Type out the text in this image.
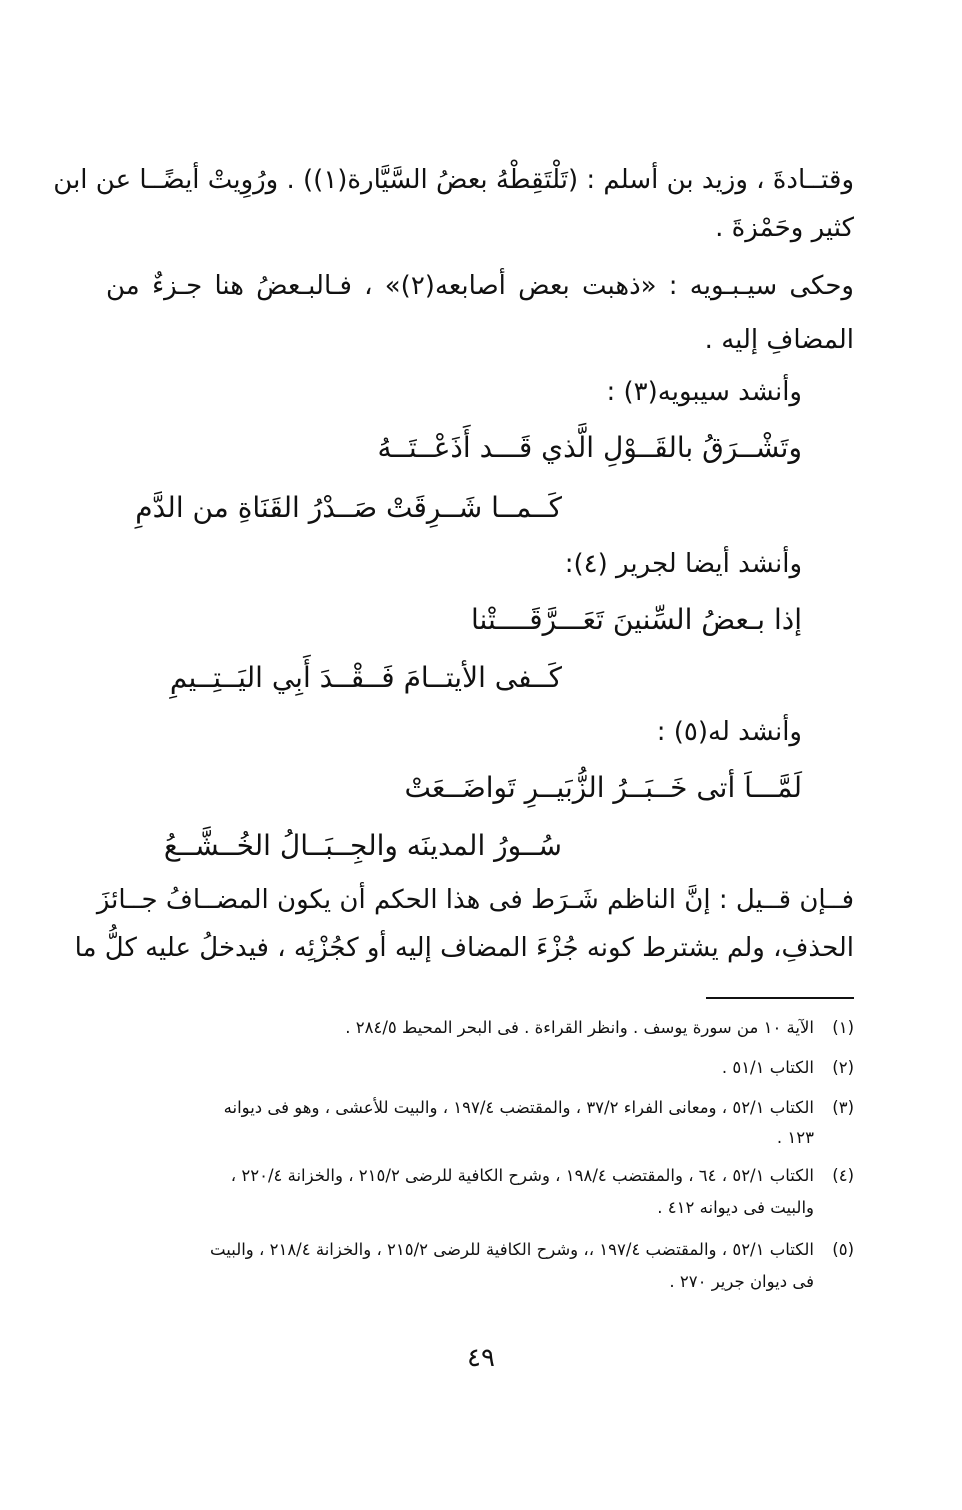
وقتــادةَ ، وزيد بن أسلم : (تَلْتَقِطْهُ بعضُ السَّيَّارة(١)) . ورُوِيتْ أيضًــا عن ابن
كثير وحَمْزةَ .
وحكى سيـبـويه : «ذهبت بعض أصابعه(٢)» ، فـالبـعضُ هنا جـزءٌ من
المضافِ إليه .
وأنشد سيبويه(٣) :
وتَشْــرَقُ بالقَــوْلِ الَّذي قَـــد أَذَعْــتَــهُ
كَــمــا شَــرِقَتْ صَــدْرُ القَنَاةِ من الدَّمِ
وأنشد أيضا لجرير (٤):
إذا بـعضُ السِّنينَ تَعَـــرَّقَــــتْنا
كَــفى الأيتــامَ فَــقْــدَ أَبِي اليَــتِــيمِ
وأنشد له(٥) :
لَمَّـــاَ أتى خَــبَــرُ الزُّبَيــرِ تَواضَــعَتْ
سُــورُ المدينَه والجِــبَــالُ الخُــشَّــعُ
فــإن قــيل : إنَّ الناظم شَـرَط فى هذا الحكم أن يكون المضــافُ جــائزَ
الحذفِ، ولم يشترط كونه جُزْءَ المضاف إليه أو كجُزْئِه ، فيدخلُ عليه كلُّ ما
(١)
الآية ١٠ من سورة يوسف . وانظر القراءة . فى البحر المحيط ٢٨٤/٥ .
(٢)
الكتاب ٥١/١ .
(٣)
الكتاب ٥٢/١ ، ومعانى الفراء ٣٧/٢ ، والمقتضب ١٩٧/٤ ، والبيت للأعشى ، وهو فى ديوانه
١٢٣ .
(٤)
الكتاب ٥٢/١ ، ٦٤ ، والمقتضب ١٩٨/٤ ، وشرح الكافية للرضى ٢١٥/٢ ، والخزانة ٢٢٠/٤ ،
والبيت فى ديوانه ٤١٢ .
(٥)
الكتاب ٥٢/١ ، والمقتضب ١٩٧/٤ ،، وشرح الكافية للرضى ٢١٥/٢ ، والخزانة ٢١٨/٤ ، والبيت
فى ديوان جرير ٢٧٠ .
٤٩
